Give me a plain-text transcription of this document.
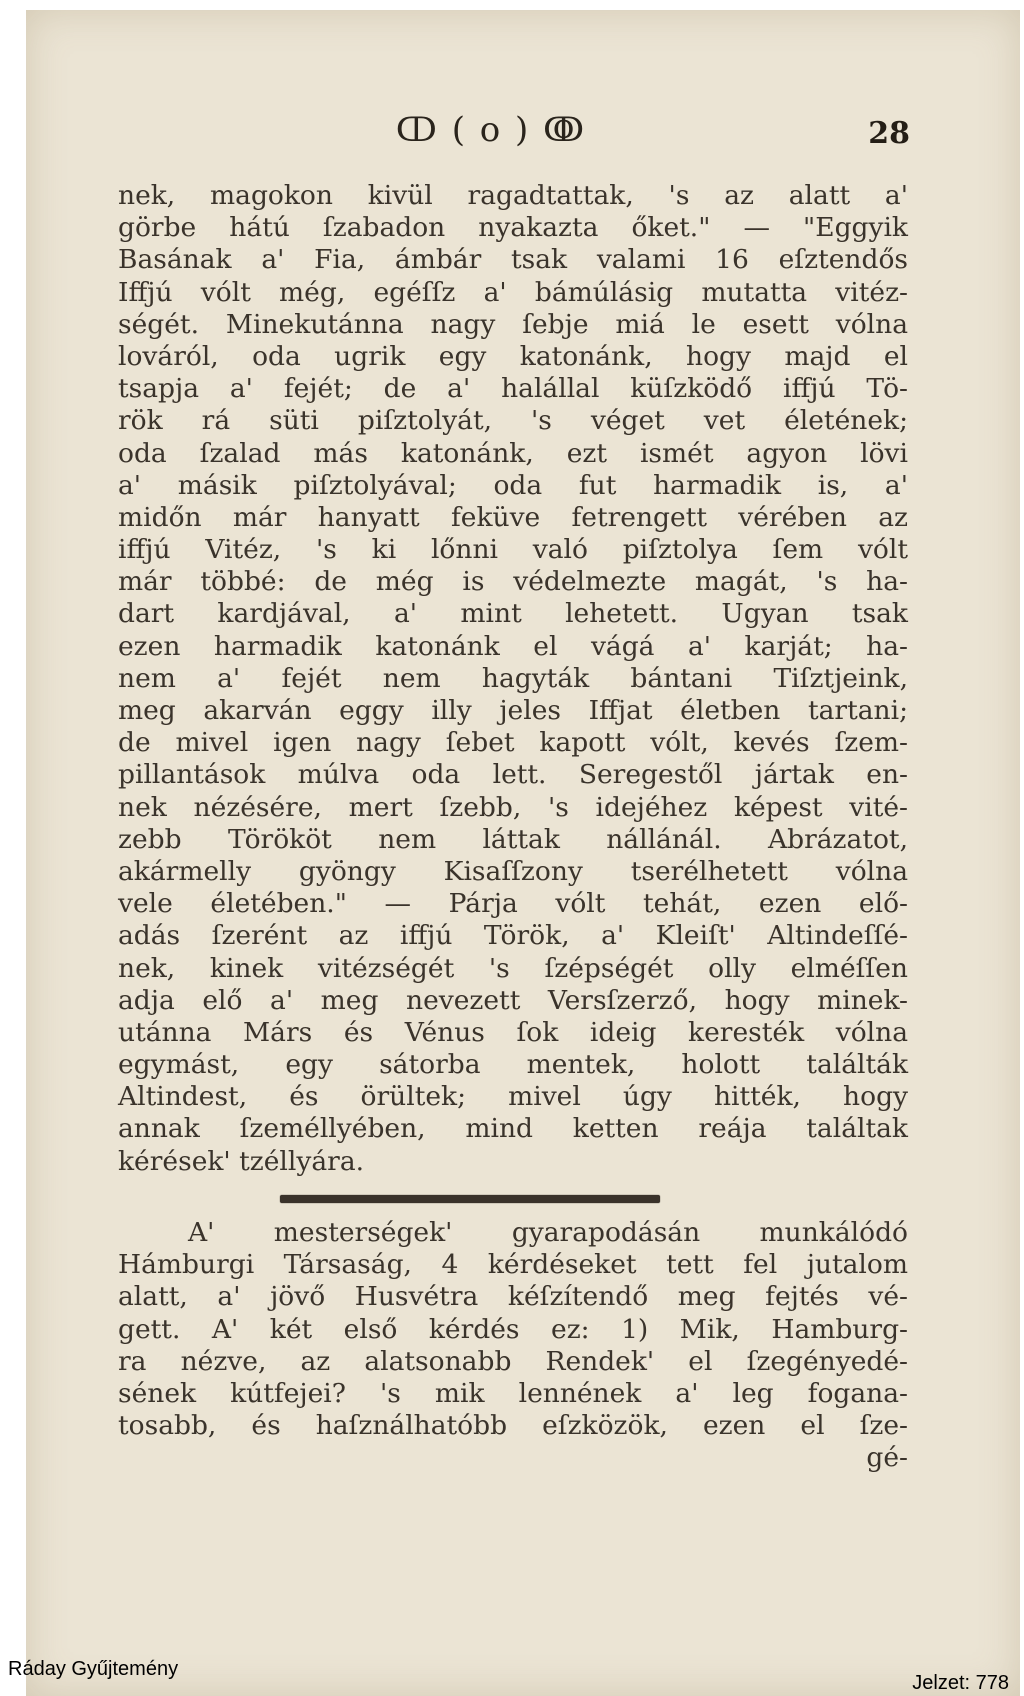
ↀ ( o ) ↂ	28
nek, magokon kivül ragadtattak, 's az alatt a'
görbe hátú ſzabadon nyakazta őket." — "Eggyik
Basának a' Fia, ámbár tsak valami 16 eſztendős
Iffjú vólt még, egéſſz a' bámúlásig mutatta vitéz-
ségét. Minekutánna nagy ſebje miá le esett vólna
lováról, oda ugrik egy katonánk, hogy majd el
tsapja a' fejét; de a' halállal küſzködő iffjú Tö-
rök rá süti piſztolyát, 's véget vet életének;
oda ſzalad más katonánk, ezt ismét agyon lövi
a' másik piſztolyával; oda fut harmadik is, a'
midőn már hanyatt feküve fetrengett vérében az
iffjú Vitéz, 's ki lőnni való piſztolya ſem vólt
már többé: de még is védelmezte magát, 's ha-
dart kardjával, a' mint lehetett. Ugyan tsak
ezen harmadik katonánk el vágá a' karját; ha-
nem a' fejét nem hagyták bántani Tiſztjeink,
meg akarván eggy illy jeles Iffjat életben tartani;
de mivel igen nagy ſebet kapott vólt, kevés ſzem-
pillantások múlva oda lett. Seregestől jártak en-
nek nézésére, mert ſzebb, 's idejéhez képest vité-
zebb Törököt nem láttak nállánál. Abrázatot,
akármelly gyöngy Kisaſſzony tserélhetett vólna
vele életében." — Párja vólt tehát, ezen elő-
adás ſzerént az iffjú Török, a' Kleiſt' Altindeſſé-
nek, kinek vitézségét 's ſzépségét olly elméſſen
adja elő a' meg nevezett Versſzerző, hogy minek-
utánna Márs és Vénus ſok ideig keresték vólna
egymást, egy sátorba mentek, holott találták
Altindest, és örültek; mivel úgy hitték, hogy
annak ſzeméllyében, mind ketten reája találtak
kérések' tzéllyára.
A' mesterségek' gyarapodásán munkálódó
Hámburgi Társaság, 4 kérdéseket tett fel jutalom
alatt, a' jövő Husvétra kéſzítendő meg fejtés vé-
gett. A' két első kérdés ez: 1) Mik, Hamburg-
ra nézve, az alatsonabb Rendek' el ſzegényedé-
sének kútfejei? 's mik lennének a' leg fogana-
tosabb, és haſználhatóbb eſzközök, ezen el ſze-
gé-
Ráday Gyűjtemény
Jelzet: 778
